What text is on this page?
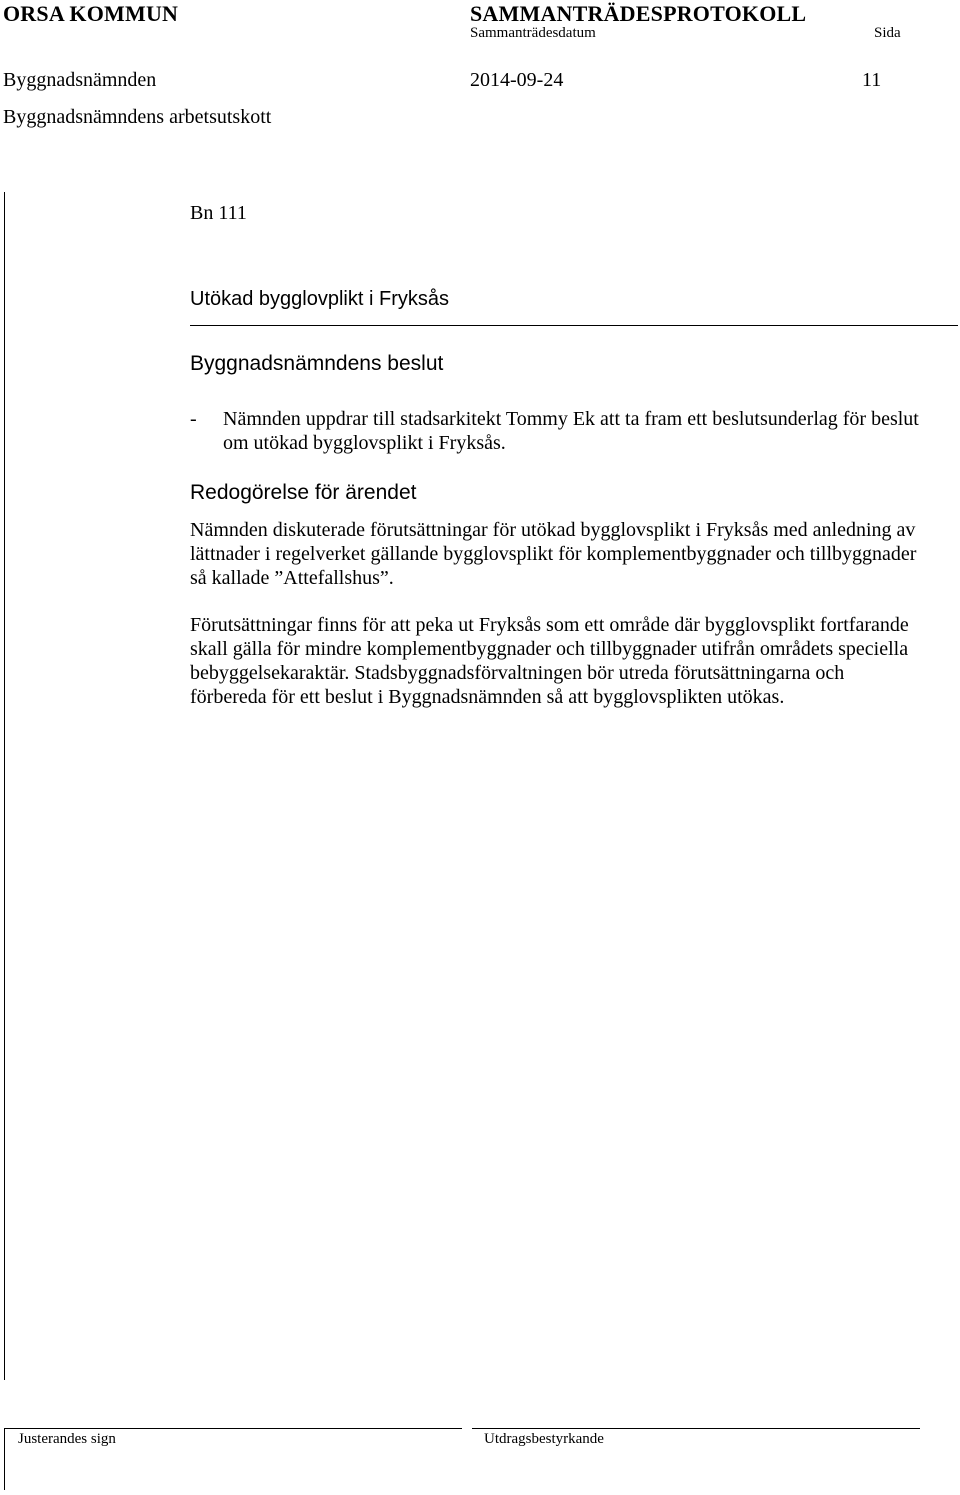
ORSA KOMMUN	SAMMANTRÄDESPROTOKOLL
Sammanträdesdatum	Sida
Byggnadsnämnden	2014-09-24	11
Byggnadsnämndens arbetsutskott
Bn 111
Utökad bygglovplikt i Fryksås
Byggnadsnämndens beslut
- Nämnden uppdrar till stadsarkitekt Tommy Ek att ta fram ett beslutsunderlag för beslut om utökad bygglovsplikt i Fryksås.
Redogörelse för ärendet
Nämnden diskuterade förutsättningar för utökad bygglovsplikt i Fryksås med anledning av
lättnader i regelverket gällande bygglovsplikt för komplementbyggnader och tillbyggnader
så kallade ”Attefallshus”.
Förutsättningar finns för att peka ut Fryksås som ett område där bygglovsplikt fortfarande
skall gälla för mindre komplementbyggnader och tillbyggnader utifrån områdets speciella
bebyggelsekaraktär. Stadsbyggnadsförvaltningen bör utreda förutsättningarna och
förbereda för ett beslut i Byggnadsnämnden så att bygglovsplikten utökas.
Justerandes sign	Utdragsbestyrkande
